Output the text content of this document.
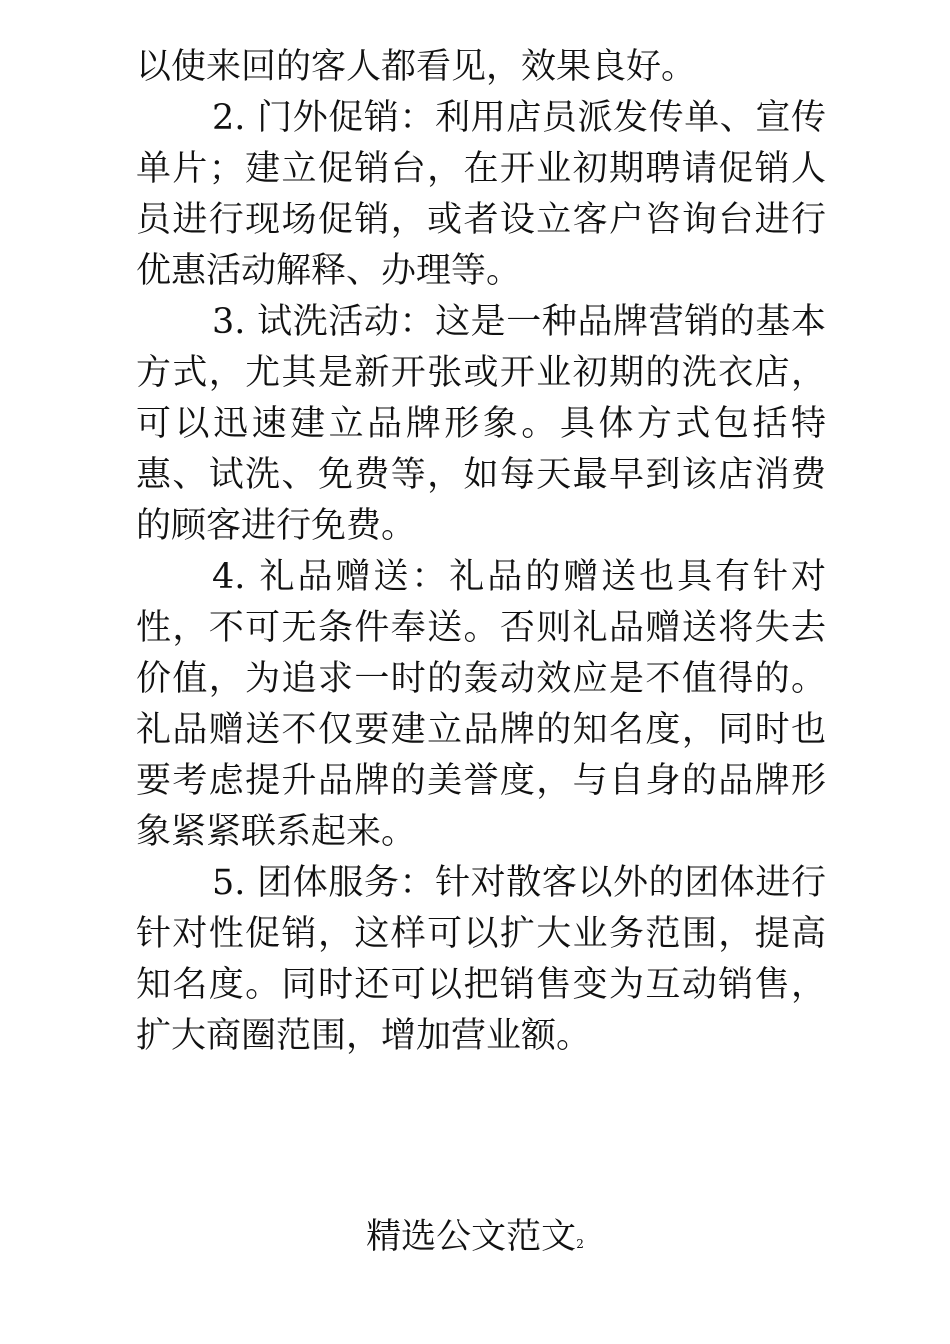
以使来回的客人都看见，效果良好。

2. 门外促销：利用店员派发传单、宣传单片；建立促销台，在开业初期聘请促销人员进行现场促销，或者设立客户咨询台进行优惠活动解释、办理等。

3. 试洗活动：这是一种品牌营销的基本方式，尤其是新开张或开业初期的洗衣店，可以迅速建立品牌形象。具体方式包括特惠、试洗、免费等，如每天最早到该店消费的顾客进行免费。

4. 礼品赠送：礼品的赠送也具有针对性，不可无条件奉送。否则礼品赠送将失去价值，为追求一时的轰动效应是不值得的。礼品赠送不仅要建立品牌的知名度，同时也要考虑提升品牌的美誉度，与自身的品牌形象紧紧联系起来。

5. 团体服务：针对散客以外的团体进行针对性促销，这样可以扩大业务范围，提高知名度。同时还可以把销售变为互动销售，扩大商圈范围，增加营业额。

精选公文范文2
